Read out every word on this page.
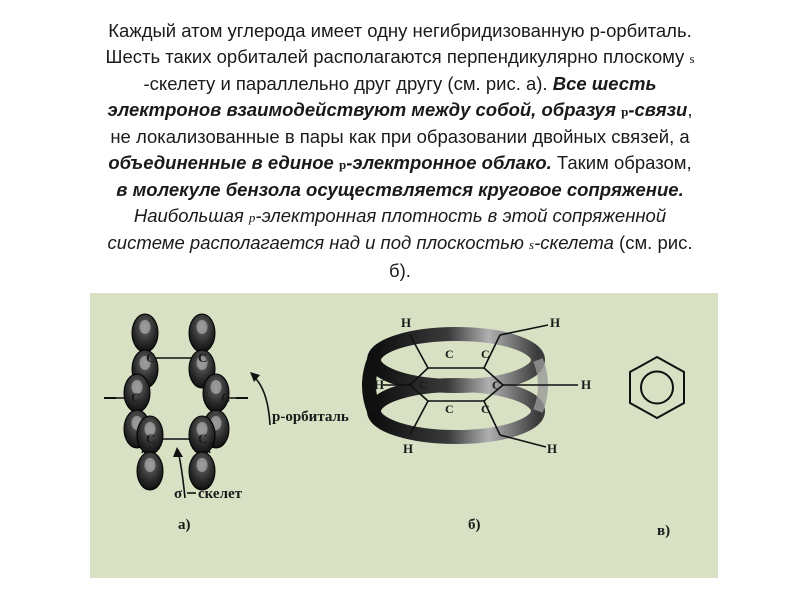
Каждый атом углерода имеет одну негибридизованную р-орбиталь.
Шесть таких орбиталей располагаются перпендикулярно плоскому s
-скелету и параллельно друг другу (см. рис. а). Все шесть
электронов взаимодействуют между собой, образуя p-связи,
не локализованные в пары как при образовании двойных связей, а
объединенные в единое p-электронное облако. Таким образом,
в молекуле бензола осуществляется круговое сопряжение.
Наибольшая p-электронная плотность в этой сопряженной
системе располагается над и под плоскостью s-скелета (см. рис.
б).
C	C
C	C
C	C
р-орбиталь
σ скелет
а)
C C
C	C
C C
H	H
H	H
H	H
б)	в)
